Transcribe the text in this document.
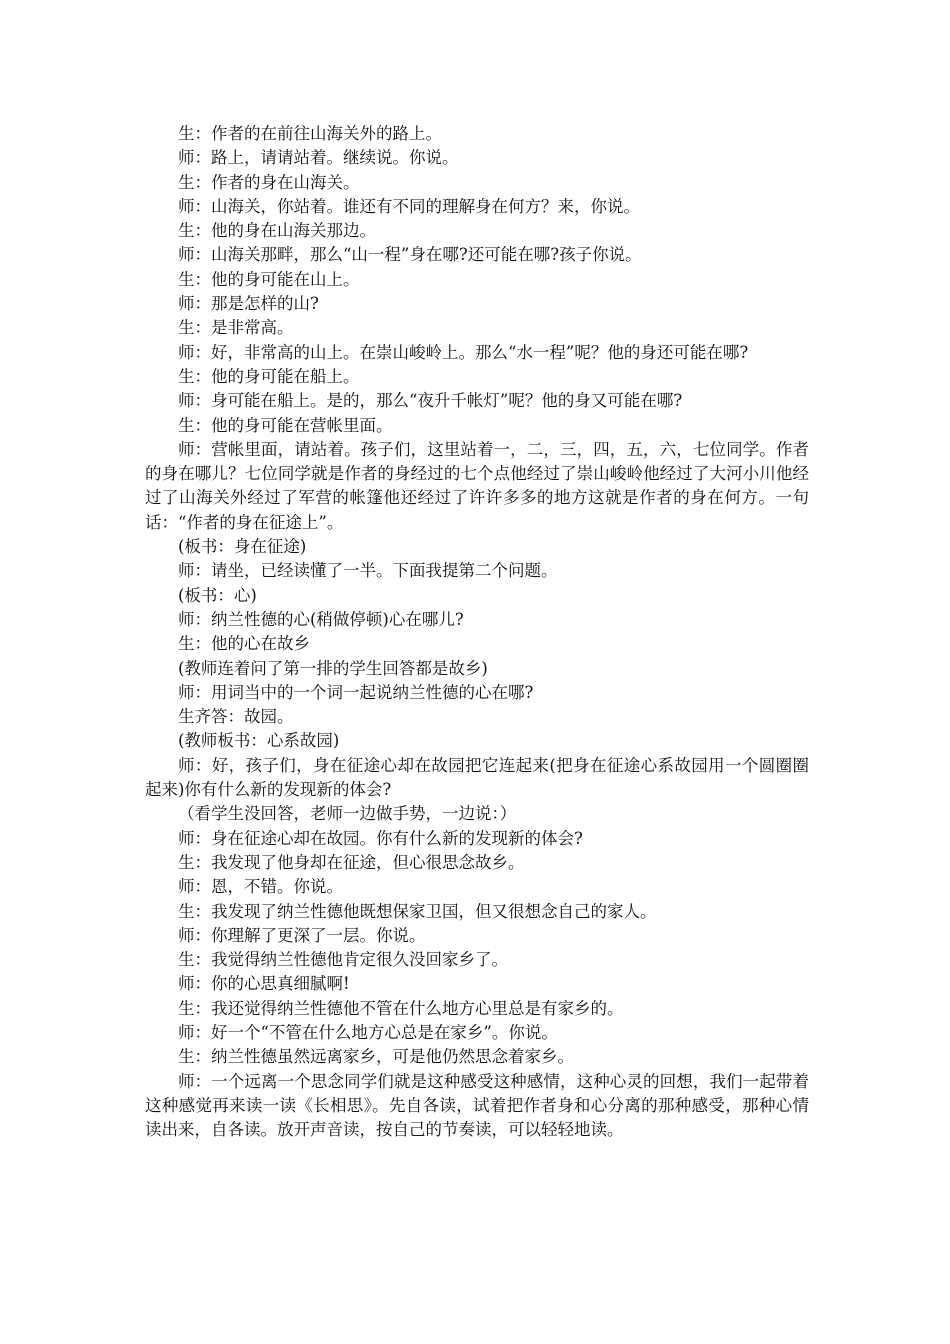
生：作者的在前往山海关外的路上。

师：路上，请请站着。继续说。你说。

生：作者的身在山海关。

师：山海关，你站着。谁还有不同的理解身在何方？来，你说。

生：他的身在山海关那边。

师：山海关那畔，那么“山一程”身在哪?还可能在哪?孩子你说。

生：他的身可能在山上。

师：那是怎样的山?

生：是非常高。

师：好，非常高的山上。在崇山峻岭上。那么“水一程”呢？他的身还可能在哪?

生：他的身可能在船上。

师：身可能在船上。是的，那么“夜升千帐灯”呢？他的身又可能在哪?

生：他的身可能在营帐里面。

师：营帐里面，请站着。孩子们，这里站着一，二，三，四，五，六，七位同学。作者的身在哪儿？七位同学就是作者的身经过的七个点他经过了崇山峻岭他经过了大河小川他经过了山海关外经过了军营的帐篷他还经过了许许多多的地方这就是作者的身在何方。一句话：“作者的身在征途上”。

(板书：身在征途)

师：请坐，已经读懂了一半。下面我提第二个问题。

(板书：心)

师：纳兰性德的心(稍做停顿)心在哪儿?

生：他的心在故乡

(教师连着问了第一排的学生回答都是故乡)

师：用词当中的一个词一起说纳兰性德的心在哪?

生齐答：故园。

(教师板书：心系故园)

师：好，孩子们，身在征途心却在故园把它连起来(把身在征途心系故园用一个圆圈圈起来)你有什么新的发现新的体会?

（看学生没回答，老师一边做手势，一边说：）

师：身在征途心却在故园。你有什么新的发现新的体会?

生：我发现了他身却在征途，但心很思念故乡。

师：恩，不错。你说。

生：我发现了纳兰性德他既想保家卫国，但又很想念自己的家人。

师：你理解了更深了一层。你说。

生：我觉得纳兰性德他肯定很久没回家乡了。

师：你的心思真细腻啊!

生：我还觉得纳兰性德他不管在什么地方心里总是有家乡的。

师：好一个“不管在什么地方心总是在家乡”。你说。

生：纳兰性德虽然远离家乡，可是他仍然思念着家乡。

师：一个远离一个思念同学们就是这种感受这种感情，这种心灵的回想，我们一起带着这种感觉再来读一读《长相思》。先自各读，试着把作者身和心分离的那种感受，那种心情读出来，自各读。放开声音读，按自己的节奏读，可以轻轻地读。
